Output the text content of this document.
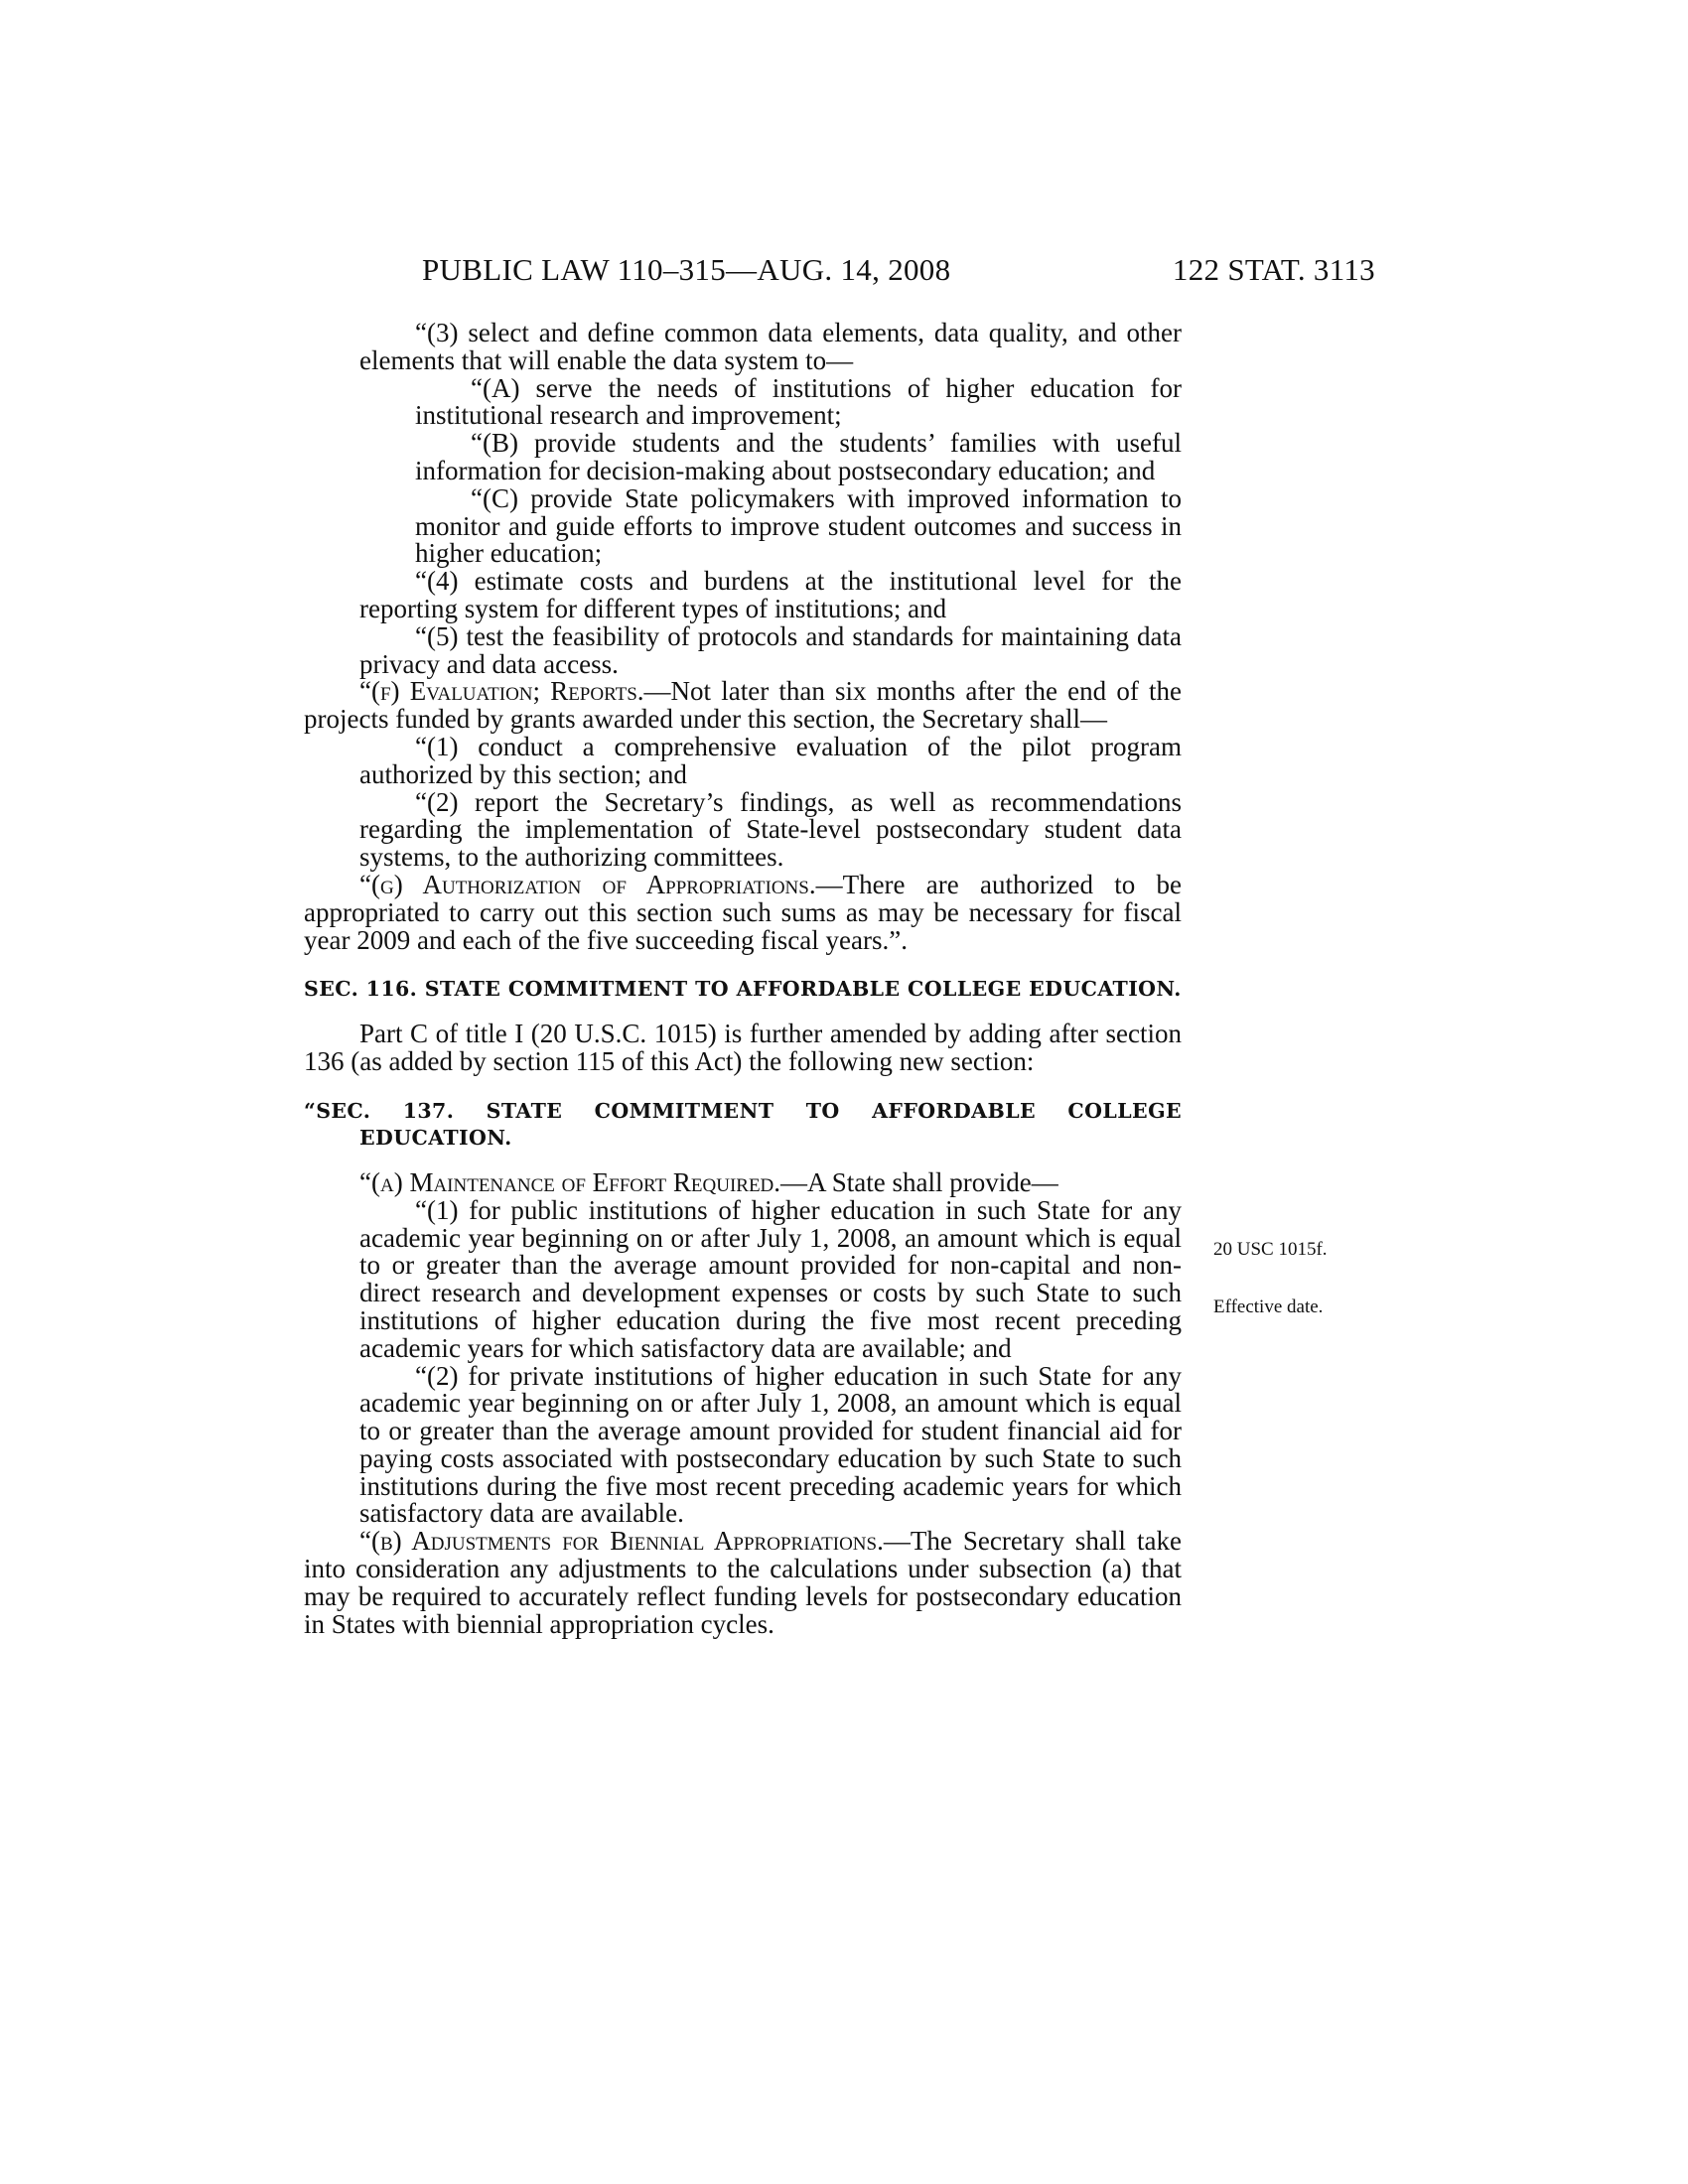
PUBLIC LAW 110–315—AUG. 14, 2008	122 STAT. 3113

“(3) select and define common data elements, data quality, and other elements that will enable the data system to—

“(A) serve the needs of institutions of higher education for institutional research and improvement;

“(B) provide students and the students’ families with useful information for decision-making about postsecondary education; and

“(C) provide State policymakers with improved information to monitor and guide efforts to improve student outcomes and success in higher education;

“(4) estimate costs and burdens at the institutional level for the reporting system for different types of institutions; and

“(5) test the feasibility of protocols and standards for maintaining data privacy and data access.

“(f) Evaluation; Reports.—Not later than six months after the end of the projects funded by grants awarded under this section, the Secretary shall—

“(1) conduct a comprehensive evaluation of the pilot program authorized by this section; and

“(2) report the Secretary’s findings, as well as recommendations regarding the implementation of State-level postsecondary student data systems, to the authorizing committees.

“(g) Authorization of Appropriations.—There are authorized to be appropriated to carry out this section such sums as may be necessary for fiscal year 2009 and each of the five succeeding fiscal years.”.

SEC. 116. STATE COMMITMENT TO AFFORDABLE COLLEGE EDUCATION.

Part C of title I (20 U.S.C. 1015) is further amended by adding after section 136 (as added by section 115 of this Act) the following new section:

“SEC. 137. STATE COMMITMENT TO AFFORDABLE COLLEGE EDUCATION.

“(a) Maintenance of Effort Required.—A State shall provide—

“(1) for public institutions of higher education in such State for any academic year beginning on or after July 1, 2008, an amount which is equal to or greater than the average amount provided for non-capital and non-direct research and development expenses or costs by such State to such institutions of higher education during the five most recent preceding academic years for which satisfactory data are available; and

“(2) for private institutions of higher education in such State for any academic year beginning on or after July 1, 2008, an amount which is equal to or greater than the average amount provided for student financial aid for paying costs associated with postsecondary education by such State to such institutions during the five most recent preceding academic years for which satisfactory data are available.

“(b) Adjustments for Biennial Appropriations.—The Secretary shall take into consideration any adjustments to the calculations under subsection (a) that may be required to accurately reflect funding levels for postsecondary education in States with biennial appropriation cycles.

20 USC 1015f.
Effective date.
